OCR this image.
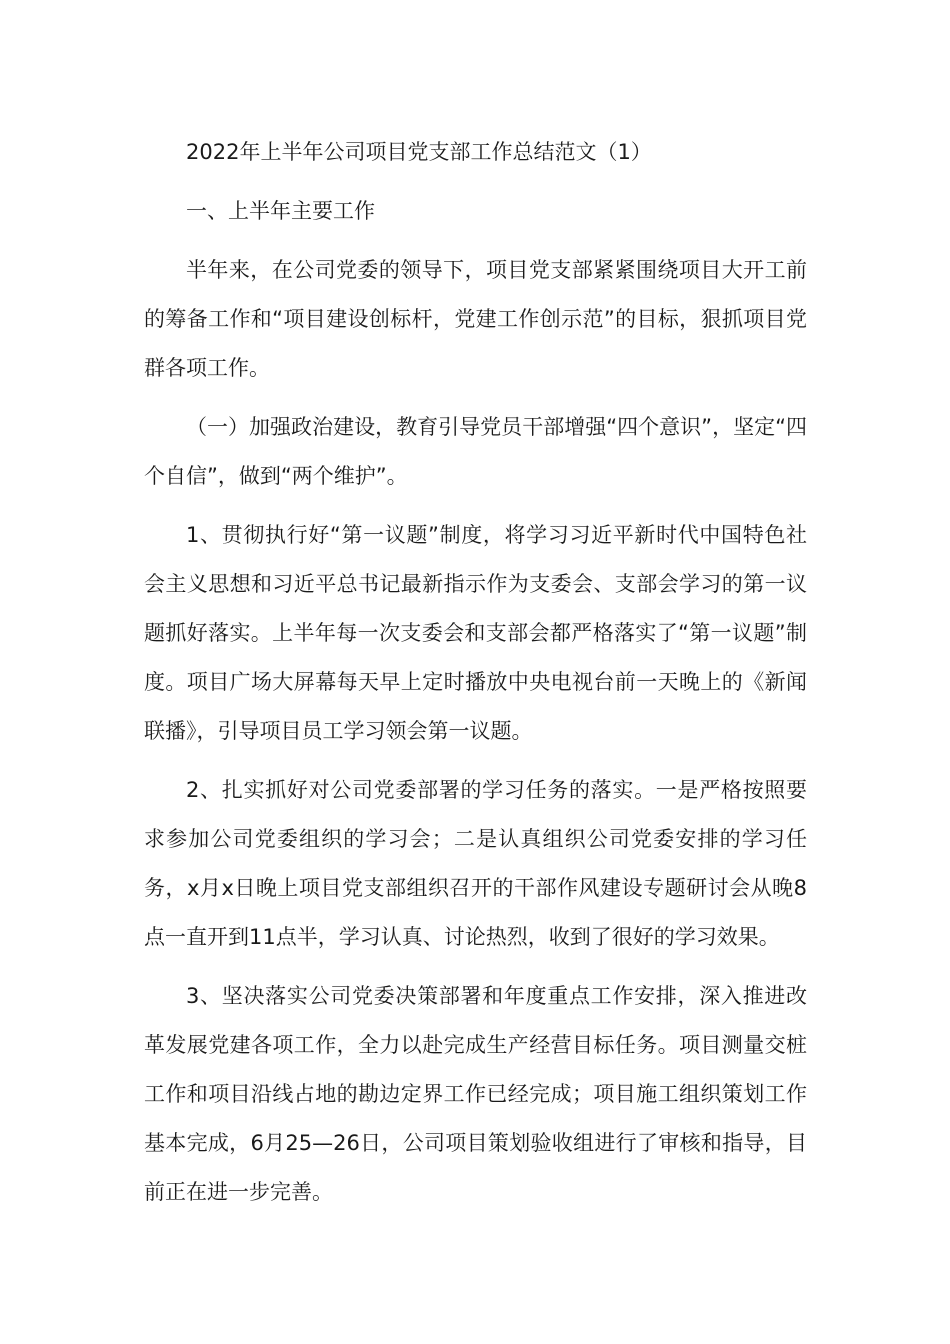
2022年上半年公司项目党支部工作总结范文（1）

一、上半年主要工作

半年来，在公司党委的领导下，项目党支部紧紧围绕项目大开工前的筹备工作和“项目建设创标杆，党建工作创示范”的目标，狠抓项目党群各项工作。

（一）加强政治建设，教育引导党员干部增强“四个意识”，坚定“四个自信”，做到“两个维护”。

1、贯彻执行好“第一议题”制度，将学习习近平新时代中国特色社会主义思想和习近平总书记最新指示作为支委会、支部会学习的第一议题抓好落实。上半年每一次支委会和支部会都严格落实了“第一议题”制度。项目广场大屏幕每天早上定时播放中央电视台前一天晚上的《新闻联播》，引导项目员工学习领会第一议题。

2、扎实抓好对公司党委部署的学习任务的落实。一是严格按照要求参加公司党委组织的学习会；二是认真组织公司党委安排的学习任务，x月x日晚上项目党支部组织召开的干部作风建设专题研讨会从晚8点一直开到11点半，学习认真、讨论热烈，收到了很好的学习效果。

3、坚决落实公司党委决策部署和年度重点工作安排，深入推进改革发展党建各项工作，全力以赴完成生产经营目标任务。项目测量交桩工作和项目沿线占地的勘边定界工作已经完成；项目施工组织策划工作基本完成，6月25—26日，公司项目策划验收组进行了审核和指导，目前正在进一步完善。
